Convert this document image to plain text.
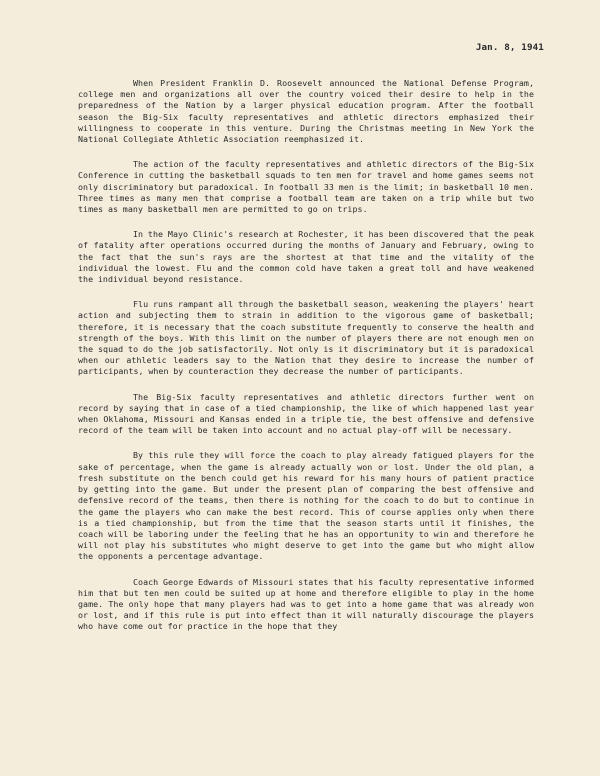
Jan. 8, 1941

When President Franklin D. Roosevelt announced the National Defense Program, college men and organizations all over the country voiced their desire to help in the preparedness of the Nation by a larger physical education program. After the football season the Big-Six faculty representatives and athletic directors emphasized their willingness to cooperate in this venture. During the Christmas meeting in New York the National Collegiate Athletic Association reemphasized it.

The action of the faculty representatives and athletic directors of the Big-Six Conference in cutting the basketball squads to ten men for travel and home games seems not only discriminatory but paradoxical. In football 33 men is the limit; in basketball 10 men. Three times as many men that comprise a football team are taken on a trip while but two times as many basketball men are permitted to go on trips.

In the Mayo Clinic's research at Rochester, it has been discovered that the peak of fatality after operations occurred during the months of January and February, owing to the fact that the sun's rays are the shortest at that time and the vitality of the individual the lowest. Flu and the common cold have taken a great toll and have weakened the individual beyond resistance.

Flu runs rampant all through the basketball season, weakening the players' heart action and subjecting them to strain in addition to the vigorous game of basketball; therefore, it is necessary that the coach substitute frequently to conserve the health and strength of the boys. With this limit on the number of players there are not enough men on the squad to do the job satisfactorily. Not only is it discriminatory but it is paradoxical when our athletic leaders say to the Nation that they desire to increase the number of participants, when by counteraction they decrease the number of participants.

The Big-Six faculty representatives and athletic directors further went on record by saying that in case of a tied championship, the like of which happened last year when Oklahoma, Missouri and Kansas ended in a triple tie, the best offensive and defensive record of the team will be taken into account and no actual play-off will be necessary.

By this rule they will force the coach to play already fatigued players for the sake of percentage, when the game is already actually won or lost. Under the old plan, a fresh substitute on the bench could get his reward for his many hours of patient practice by getting into the game. But under the present plan of comparing the best offensive and defensive record of the teams, then there is nothing for the coach to do but to continue in the game the players who can make the best record. This of course applies only when there is a tied championship, but from the time that the season starts until it finishes, the coach will be laboring under the feeling that he has an opportunity to win and therefore he will not play his substitutes who might deserve to get into the game but who might allow the opponents a percentage advantage.

Coach George Edwards of Missouri states that his faculty representative informed him that but ten men could be suited up at home and therefore eligible to play in the home game. The only hope that many players had was to get into a home game that was already won or lost, and if this rule is put into effect than it will naturally discourage the players who have come out for practice in the hope that they
